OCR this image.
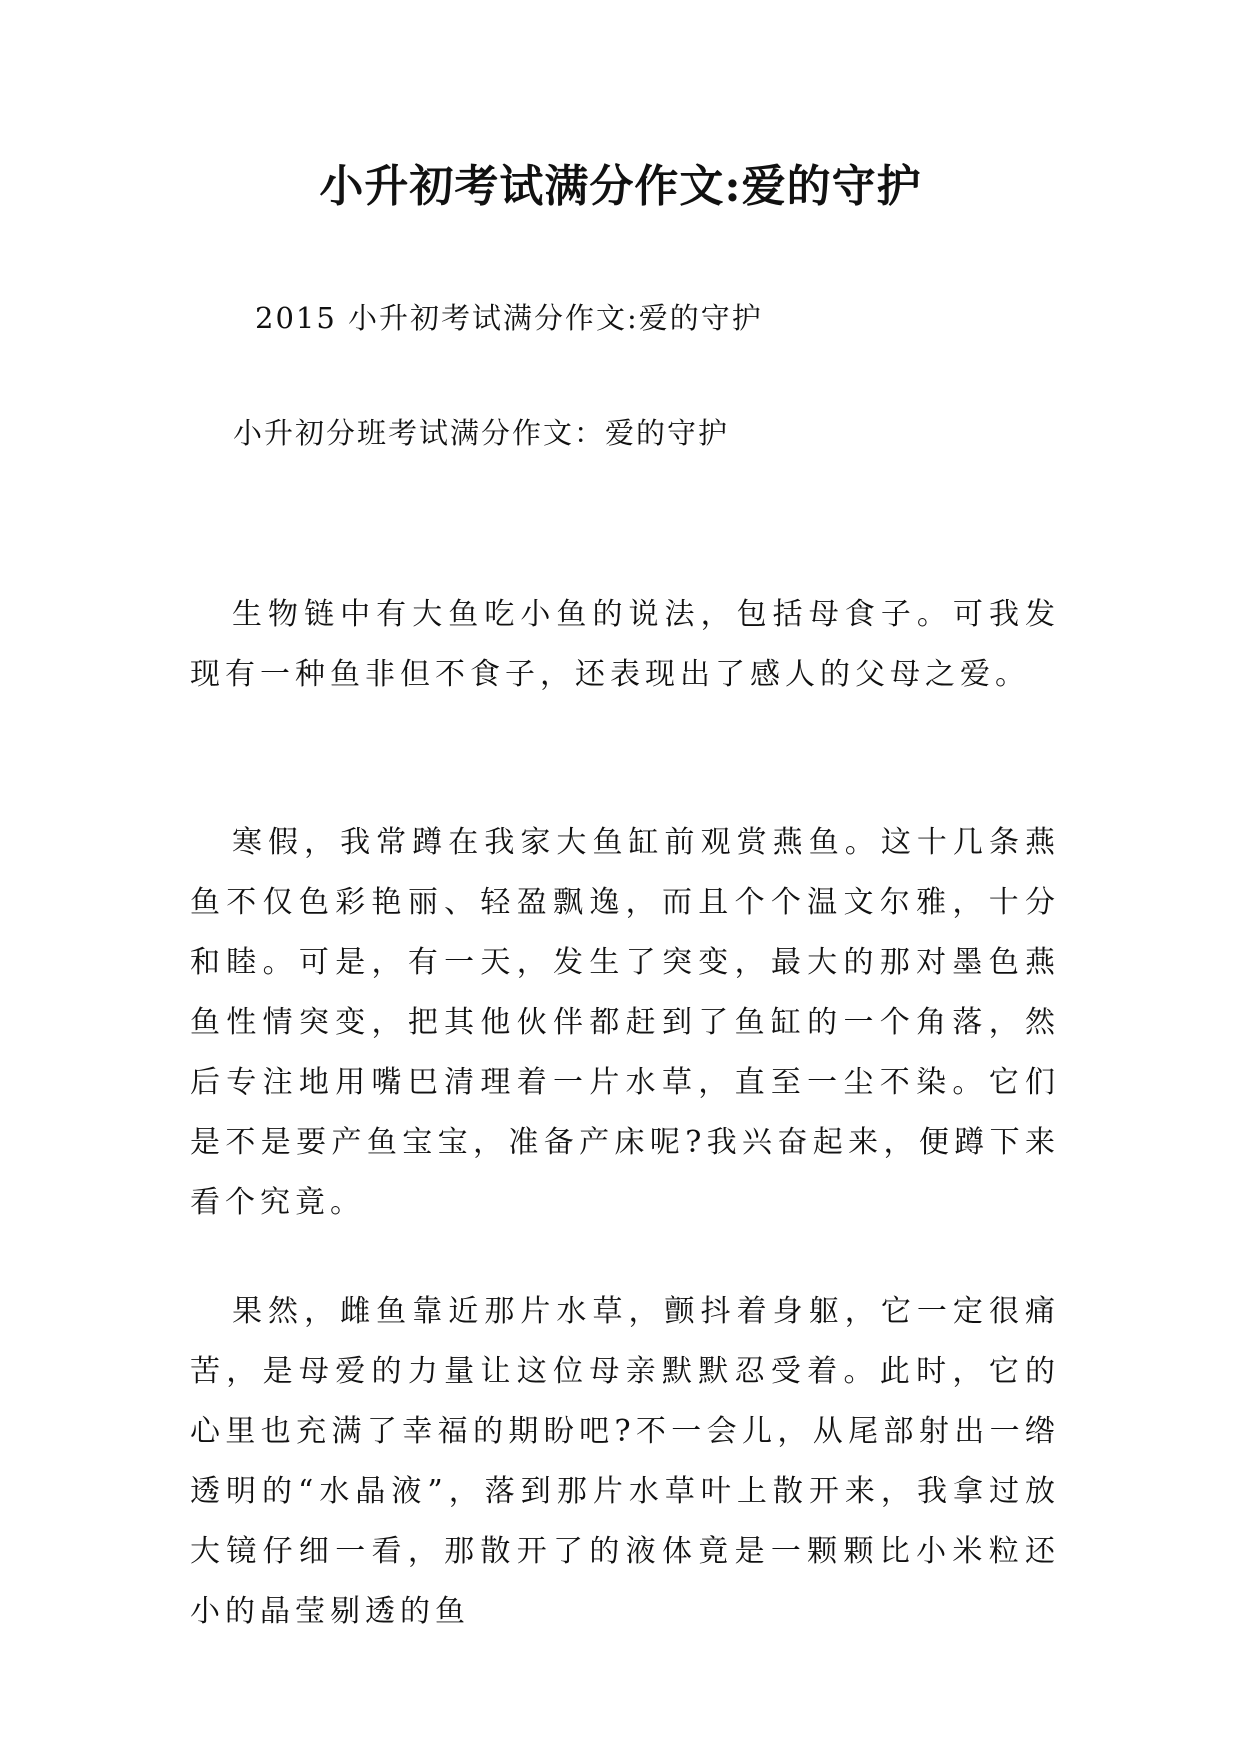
小升初考试满分作文:爱的守护
2015 小升初考试满分作文:爱的守护
小升初分班考试满分作文：爱的守护

生物链中有大鱼吃小鱼的说法，包括母食子。可我发现有一种鱼非但不食子，还表现出了感人的父母之爱。

寒假，我常蹲在我家大鱼缸前观赏燕鱼。这十几条燕鱼不仅色彩艳丽、轻盈飘逸，而且个个温文尔雅，十分和睦。可是，有一天，发生了突变，最大的那对墨色燕鱼性情突变，把其他伙伴都赶到了鱼缸的一个角落，然后专注地用嘴巴清理着一片水草，直至一尘不染。它们是不是要产鱼宝宝，准备产床呢?我兴奋起来，便蹲下来看个究竟。

果然，雌鱼靠近那片水草，颤抖着身躯，它一定很痛苦，是母爱的力量让这位母亲默默忍受着。此时，它的心里也充满了幸福的期盼吧?不一会儿，从尾部射出一绺透明的“水晶液”，落到那片水草叶上散开来，我拿过放大镜仔细一看，那散开了的液体竟是一颗颗比小米粒还小的晶莹剔透的鱼
